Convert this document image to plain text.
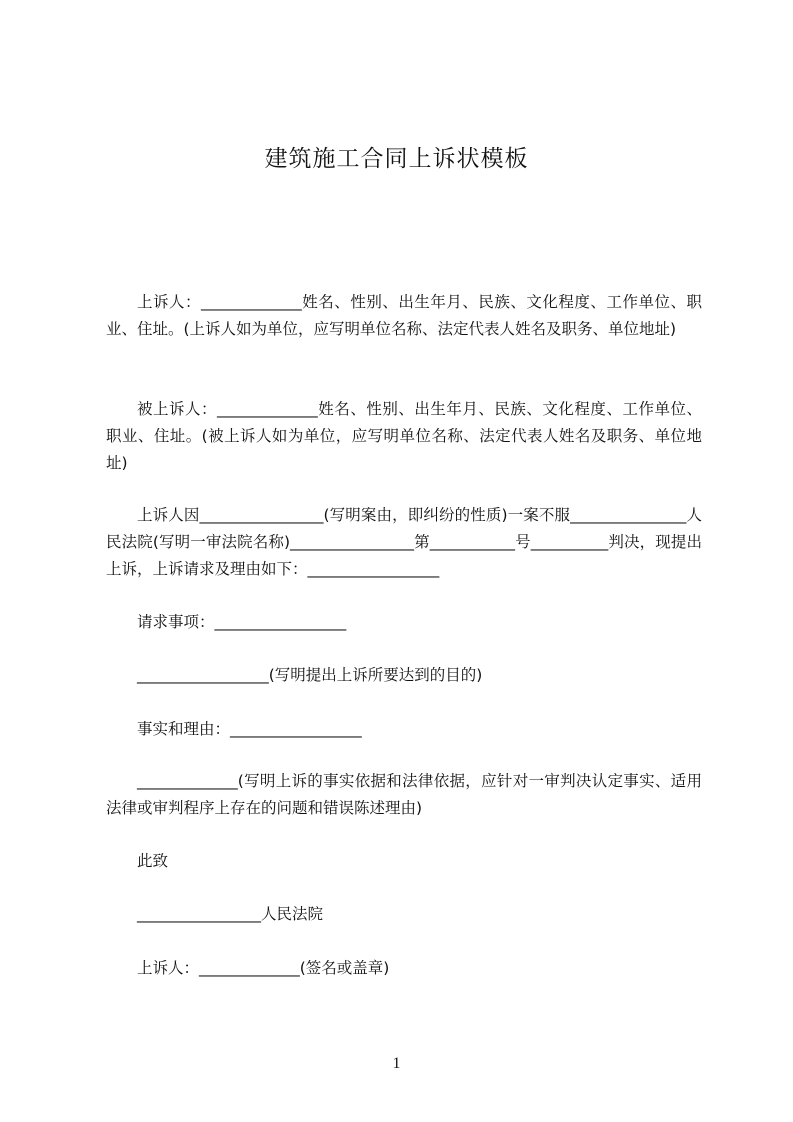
建筑施工合同上诉状模板

上诉人：_____________姓名、性别、出生年月、民族、文化程度、工作单位、职业、住址。(上诉人如为单位，应写明单位名称、法定代表人姓名及职务、单位地址)

被上诉人：_____________姓名、性别、出生年月、民族、文化程度、工作单位、职业、住址。(被上诉人如为单位，应写明单位名称、法定代表人姓名及职务、单位地址)

上诉人因________________(写明案由，即纠纷的性质)一案不服_______________人民法院(写明一审法院名称)________________第___________号__________判决，现提出上诉，上诉请求及理由如下：_________________

请求事项：_________________

_________________(写明提出上诉所要达到的目的)

事实和理由：_________________

_____________(写明上诉的事实依据和法律依据，应针对一审判决认定事实、适用法律或审判程序上存在的问题和错误陈述理由)

此致

________________人民法院

上诉人：_____________(签名或盖章)

1
